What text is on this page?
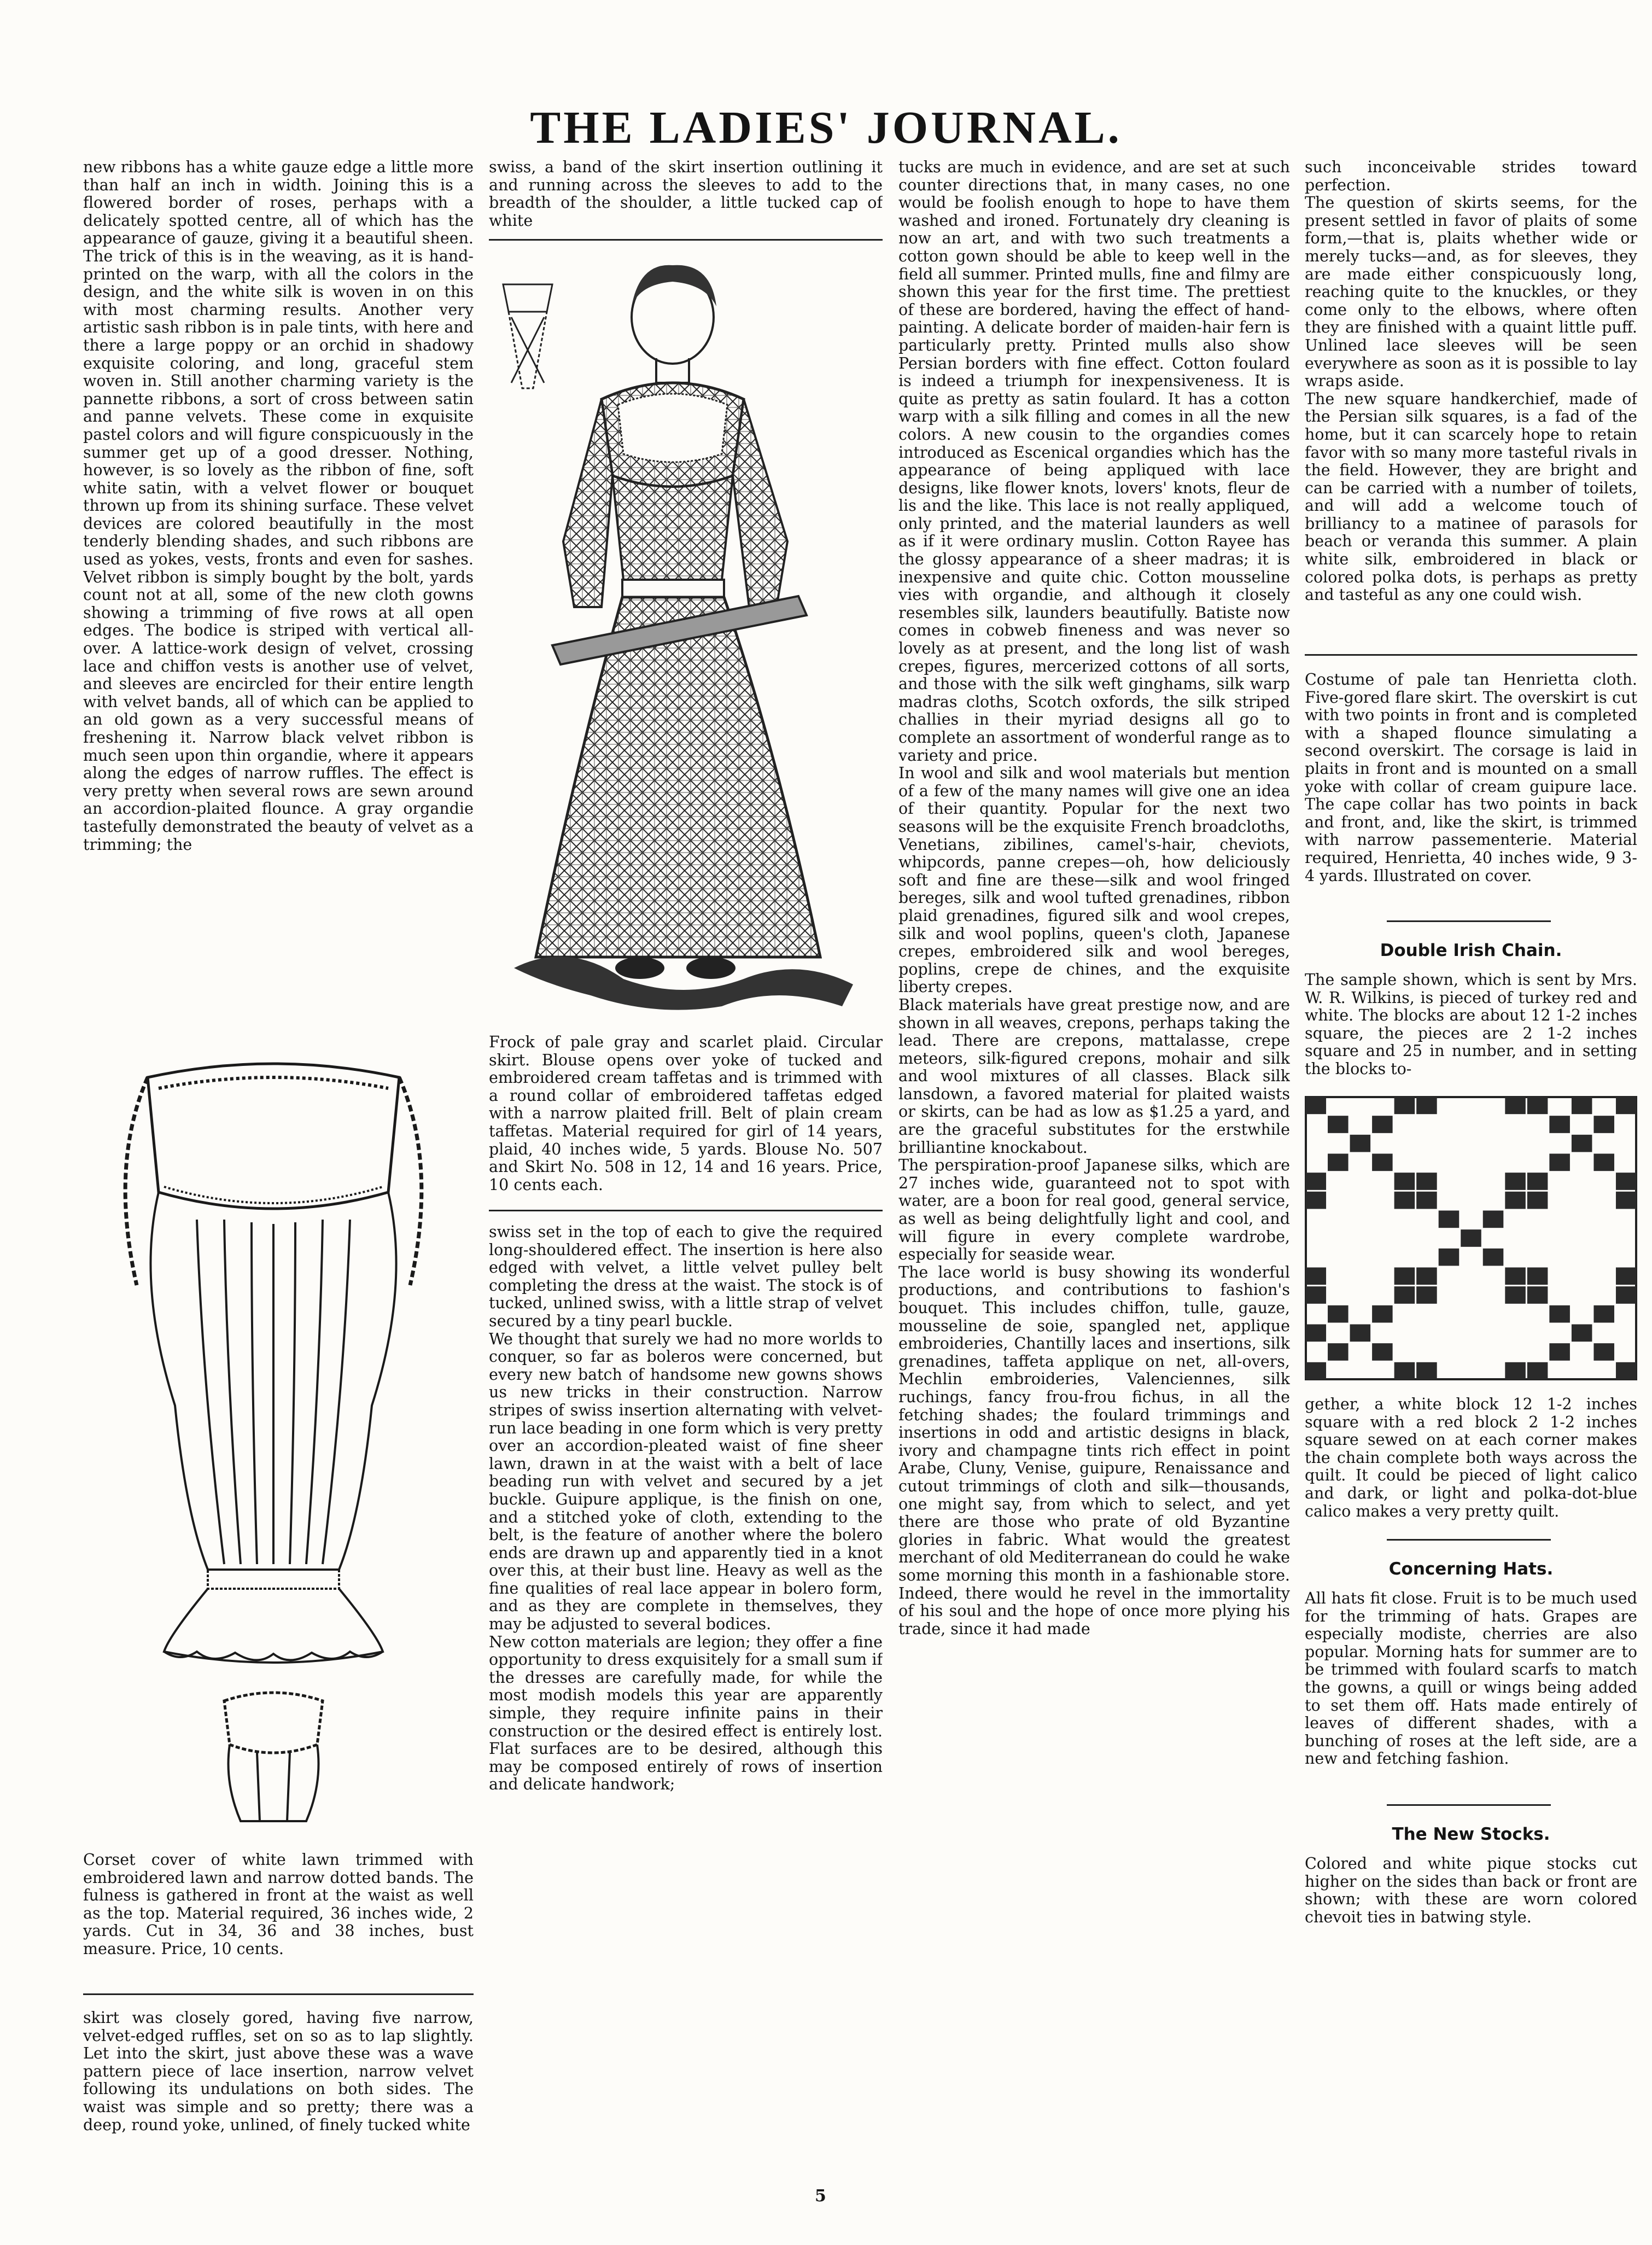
THE LADIES' JOURNAL.

new ribbons has a white gauze edge a little more than half an inch in width. Joining this is a flowered border of roses, perhaps with a delicately spotted centre, all of which has the appearance of gauze, giving it a beautiful sheen. The trick of this is in the weaving, as it is hand-printed on the warp, with all the colors in the design, and the white silk is woven in on this with most charming results. Another very artistic sash ribbon is in pale tints, with here and there a large poppy or an orchid in shadowy exquisite coloring, and long, graceful stem woven in. Still another charming variety is the pannette ribbons, a sort of cross between satin and panne velvets. These come in exquisite pastel colors and will figure conspicuously in the summer get up of a good dresser. Nothing, however, is so lovely as the ribbon of fine, soft white satin, with a velvet flower or bouquet thrown up from its shining surface. These velvet devices are colored beautifully in the most tenderly blending shades, and such ribbons are used as yokes, vests, fronts and even for sashes. Velvet ribbon is simply bought by the bolt, yards count not at all, some of the new cloth gowns showing a trimming of five rows at all open edges. The bodice is striped with vertical all-over. A lattice-work design of velvet, crossing lace and chiffon vests is another use of velvet, and sleeves are encircled for their entire length with velvet bands, all of which can be applied to an old gown as a very successful means of freshening it. Narrow black velvet ribbon is much seen upon thin organdie, where it appears along the edges of narrow ruffles. The effect is very pretty when several rows are sewn around an accordion-plaited flounce. A gray organdie tastefully demonstrated the beauty of velvet as a trimming; the

Corset cover of white lawn trimmed with embroidered lawn and narrow dotted bands. The fulness is gathered in front at the waist as well as the top. Material required, 36 inches wide, 2 yards. Cut in 34, 36 and 38 inches, bust measure. Price, 10 cents.

skirt was closely gored, having five narrow, velvet-edged ruffles, set on so as to lap slightly. Let into the skirt, just above these was a wave pattern piece of lace insertion, narrow velvet following its undulations on both sides. The waist was simple and so pretty; there was a deep, round yoke, unlined, of finely tucked white

swiss, a band of the skirt insertion outlining it and running across the sleeves to add to the breadth of the shoulder, a little tucked cap of white

Frock of pale gray and scarlet plaid. Circular skirt. Blouse opens over yoke of tucked and embroidered cream taffetas and is trimmed with a round collar of embroidered taffetas edged with a narrow plaited frill. Belt of plain cream taffetas. Material required for girl of 14 years, plaid, 40 inches wide, 5 yards. Blouse No. 507 and Skirt No. 508 in 12, 14 and 16 years. Price, 10 cents each.

swiss set in the top of each to give the required long-shouldered effect. The insertion is here also edged with velvet, a little velvet pulley belt completing the dress at the waist. The stock is of tucked, unlined swiss, with a little strap of velvet secured by a tiny pearl buckle.
We thought that surely we had no more worlds to conquer, so far as boleros were concerned, but every new batch of handsome new gowns shows us new tricks in their construction. Narrow stripes of swiss insertion alternating with velvet-run lace beading in one form which is very pretty over an accordion-pleated waist of fine sheer lawn, drawn in at the waist with a belt of lace beading run with velvet and secured by a jet buckle. Guipure applique, is the finish on one, and a stitched yoke of cloth, extending to the belt, is the feature of another where the bolero ends are drawn up and apparently tied in a knot over this, at their bust line. Heavy as well as the fine qualities of real lace appear in bolero form, and as they are complete in themselves, they may be adjusted to several bodices.
New cotton materials are legion; they offer a fine opportunity to dress exquisitely for a small sum if the dresses are carefully made, for while the most modish models this year are apparently simple, they require infinite pains in their construction or the desired effect is entirely lost. Flat surfaces are to be desired, although this may be composed entirely of rows of insertion and delicate handwork;

tucks are much in evidence, and are set at such counter directions that, in many cases, no one would be foolish enough to hope to have them washed and ironed. Fortunately dry cleaning is now an art, and with two such treatments a cotton gown should be able to keep well in the field all summer. Printed mulls, fine and filmy are shown this year for the first time. The prettiest of these are bordered, having the effect of hand-painting. A delicate border of maiden-hair fern is particularly pretty. Printed mulls also show Persian borders with fine effect. Cotton foulard is indeed a triumph for inexpensiveness. It is quite as pretty as satin foulard. It has a cotton warp with a silk filling and comes in all the new colors. A new cousin to the organdies comes introduced as Escenical organdies which has the appearance of being appliqued with lace designs, like flower knots, lovers' knots, fleur de lis and the like. This lace is not really appliqued, only printed, and the material launders as well as if it were ordinary muslin. Cotton Rayee has the glossy appearance of a sheer madras; it is inexpensive and quite chic. Cotton mousseline vies with organdie, and although it closely resembles silk, launders beautifully. Batiste now comes in cobweb fineness and was never so lovely as at present, and the long list of wash crepes, figures, mercerized cottons of all sorts, and those with the silk weft ginghams, silk warp madras cloths, Scotch oxfords, the silk striped challies in their myriad designs all go to complete an assortment of wonderful range as to variety and price.
In wool and silk and wool materials but mention of a few of the many names will give one an idea of their quantity. Popular for the next two seasons will be the exquisite French broadcloths, Venetians, zibilines, camel's-hair, cheviots, whipcords, panne crepes—oh, how deliciously soft and fine are these—silk and wool fringed bereges, silk and wool tufted grenadines, ribbon plaid grenadines, figured silk and wool crepes, silk and wool poplins, queen's cloth, Japanese crepes, embroidered silk and wool bereges, poplins, crepe de chines, and the exquisite liberty crepes.
Black materials have great prestige now, and are shown in all weaves, crepons, perhaps taking the lead. There are crepons, mattalasse, crepe meteors, silk-figured crepons, mohair and silk and wool mixtures of all classes. Black silk lansdown, a favored material for plaited waists or skirts, can be had as low as $1.25 a yard, and are the graceful substitutes for the erstwhile brilliantine knockabout.
The perspiration-proof Japanese silks, which are 27 inches wide, guaranteed not to spot with water, are a boon for real good, general service, as well as being delightfully light and cool, and will figure in every complete wardrobe, especially for seaside wear.
The lace world is busy showing its wonderful productions, and contributions to fashion's bouquet. This includes chiffon, tulle, gauze, mousseline de soie, spangled net, applique embroideries, Chantilly laces and insertions, silk grenadines, taffeta applique on net, all-overs, Mechlin embroideries, Valenciennes, silk ruchings, fancy frou-frou fichus, in all the fetching shades; the foulard trimmings and insertions in odd and artistic designs in black, ivory and champagne tints rich effect in point Arabe, Cluny, Venise, guipure, Renaissance and cutout trimmings of cloth and silk—thousands, one might say, from which to select, and yet there are those who prate of old Byzantine glories in fabric. What would the greatest merchant of old Mediterranean do could he wake some morning this month in a fashionable store. Indeed, there would he revel in the immortality of his soul and the hope of once more plying his trade, since it had made

such inconceivable strides toward perfection.
The question of skirts seems, for the present settled in favor of plaits of some form,—that is, plaits whether wide or merely tucks—and, as for sleeves, they are made either conspicuously long, reaching quite to the knuckles, or they come only to the elbows, where often they are finished with a quaint little puff. Unlined lace sleeves will be seen everywhere as soon as it is possible to lay wraps aside.
The new square handkerchief, made of the Persian silk squares, is a fad of the home, but it can scarcely hope to retain favor with so many more tasteful rivals in the field. However, they are bright and can be carried with a number of toilets, and will add a welcome touch of brilliancy to a matinee of parasols for beach or veranda this summer. A plain white silk, embroidered in black or colored polka dots, is perhaps as pretty and tasteful as any one could wish.

Costume of pale tan Henrietta cloth. Five-gored flare skirt. The overskirt is cut with two points in front and is completed with a shaped flounce simulating a second overskirt. The corsage is laid in plaits in front and is mounted on a small yoke with collar of cream guipure lace. The cape collar has two points in back and front, and, like the skirt, is trimmed with narrow passementerie. Material required, Henrietta, 40 inches wide, 9 3-4 yards. Illustrated on cover.

Double Irish Chain.

The sample shown, which is sent by Mrs. W. R. Wilkins, is pieced of turkey red and white. The blocks are about 12 1-2 inches square, the pieces are 2 1-2 inches square and 25 in number, and in setting the blocks to-

gether, a white block 12 1-2 inches square with a red block 2 1-2 inches square sewed on at each corner makes the chain complete both ways across the quilt. It could be pieced of light calico and dark, or light and polka-dot-blue calico makes a very pretty quilt.

Concerning Hats.

All hats fit close. Fruit is to be much used for the trimming of hats. Grapes are especially modiste, cherries are also popular. Morning hats for summer are to be trimmed with foulard scarfs to match the gowns, a quill or wings being added to set them off. Hats made entirely of leaves of different shades, with a bunching of roses at the left side, are a new and fetching fashion.

The New Stocks.

Colored and white pique stocks cut higher on the sides than back or front are shown; with these are worn colored chevoit ties in batwing style.

5
